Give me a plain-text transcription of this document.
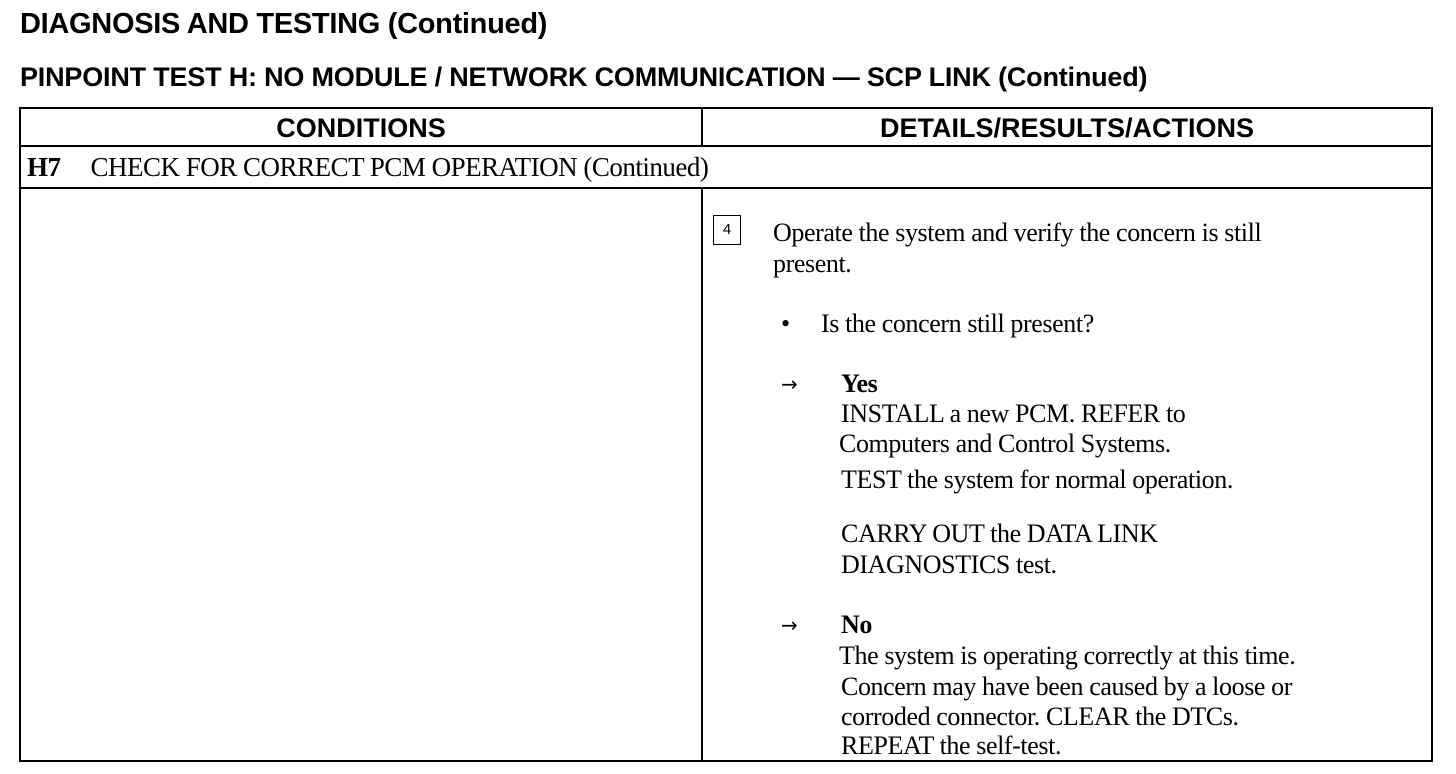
DIAGNOSIS AND TESTING (Continued)
PINPOINT TEST H: NO MODULE / NETWORK COMMUNICATION — SCP LINK (Continued)
CONDITIONS	DETAILS/RESULTS/ACTIONS
H7 CHECK FOR CORRECT PCM OPERATION (Continued)
4	Operate the system and verify the concern is still
present.
• Is the concern still present?
→ Yes
INSTALL a new PCM. REFER to
Computers and Control Systems.
TEST the system for normal operation.
CARRY OUT the DATA LINK
DIAGNOSTICS test.
→ No
The system is operating correctly at this time.
Concern may have been caused by a loose or
corroded connector. CLEAR the DTCs.
REPEAT the self-test.
